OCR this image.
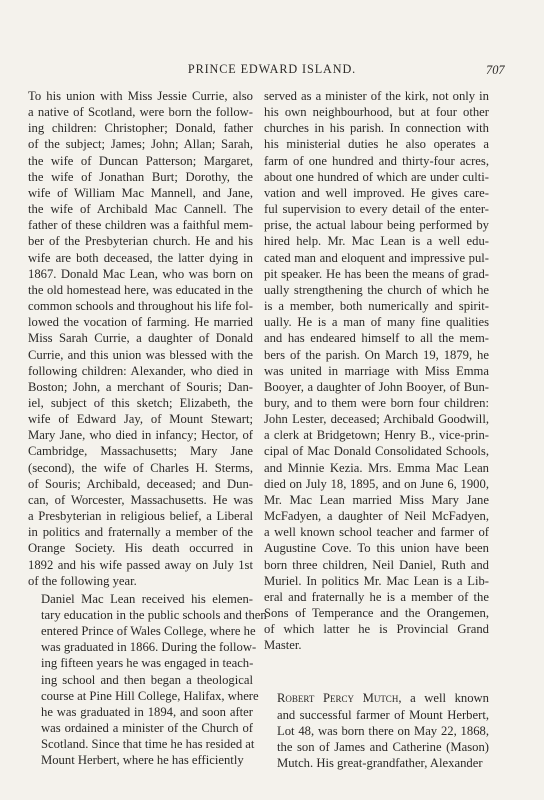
PRINCE EDWARD ISLAND.	707

To his union with Miss Jessie Currie, also
a native of Scotland, were born the follow-
ing children: Christopher; Donald, father
of the subject; James; John; Allan; Sarah,
the wife of Duncan Patterson; Margaret,
the wife of Jonathan Burt; Dorothy, the
wife of William Mac Mannell, and Jane,
the wife of Archibald Mac Cannell. The
father of these children was a faithful mem-
ber of the Presbyterian church. He and his
wife are both deceased, the latter dying in
1867. Donald Mac Lean, who was born on
the old homestead here, was educated in the
common schools and throughout his life fol-
lowed the vocation of farming. He married
Miss Sarah Currie, a daughter of Donald
Currie, and this union was blessed with the
following children: Alexander, who died in
Boston; John, a merchant of Souris; Dan-
iel, subject of this sketch; Elizabeth, the
wife of Edward Jay, of Mount Stewart;
Mary Jane, who died in infancy; Hector, of
Cambridge, Massachusetts; Mary Jane
(second), the wife of Charles H. Sterms,
of Souris; Archibald, deceased; and Dun-
can, of Worcester, Massachusetts. He was
a Presbyterian in religious belief, a Liberal
in politics and fraternally a member of the
Orange Society. His death occurred in
1892 and his wife passed away on July 1st
of the following year.

Daniel Mac Lean received his elemen-
tary education in the public schools and then
entered Prince of Wales College, where he
was graduated in 1866. During the follow-
ing fifteen years he was engaged in teach-
ing school and then began a theological
course at Pine Hill College, Halifax, where
he was graduated in 1894, and soon after
was ordained a minister of the Church of
Scotland. Since that time he has resided at
Mount Herbert, where he has efficiently

served as a minister of the kirk, not only in
his own neighbourhood, but at four other
churches in his parish. In connection with
his ministerial duties he also operates a
farm of one hundred and thirty-four acres,
about one hundred of which are under culti-
vation and well improved. He gives care-
ful supervision to every detail of the enter-
prise, the actual labour being performed by
hired help. Mr. Mac Lean is a well edu-
cated man and eloquent and impressive pul-
pit speaker. He has been the means of grad-
ually strengthening the church of which he
is a member, both numerically and spirit-
ually. He is a man of many fine qualities
and has endeared himself to all the mem-
bers of the parish. On March 19, 1879, he
was united in marriage with Miss Emma
Booyer, a daughter of John Booyer, of Bun-
bury, and to them were born four children:
John Lester, deceased; Archibald Goodwill,
a clerk at Bridgetown; Henry B., vice-prin-
cipal of Mac Donald Consolidated Schools,
and Minnie Kezia. Mrs. Emma Mac Lean
died on July 18, 1895, and on June 6, 1900,
Mr. Mac Lean married Miss Mary Jane
McFadyen, a daughter of Neil McFadyen,
a well known school teacher and farmer of
Augustine Cove. To this union have been
born three children, Neil Daniel, Ruth and
Muriel. In politics Mr. Mac Lean is a Lib-
eral and fraternally he is a member of the
Sons of Temperance and the Orangemen,
of which latter he is Provincial Grand
Master.

Robert Percy Mutch, a well known
and successful farmer of Mount Herbert,
Lot 48, was born there on May 22, 1868,
the son of James and Catherine (Mason)
Mutch. His great-grandfather, Alexander
